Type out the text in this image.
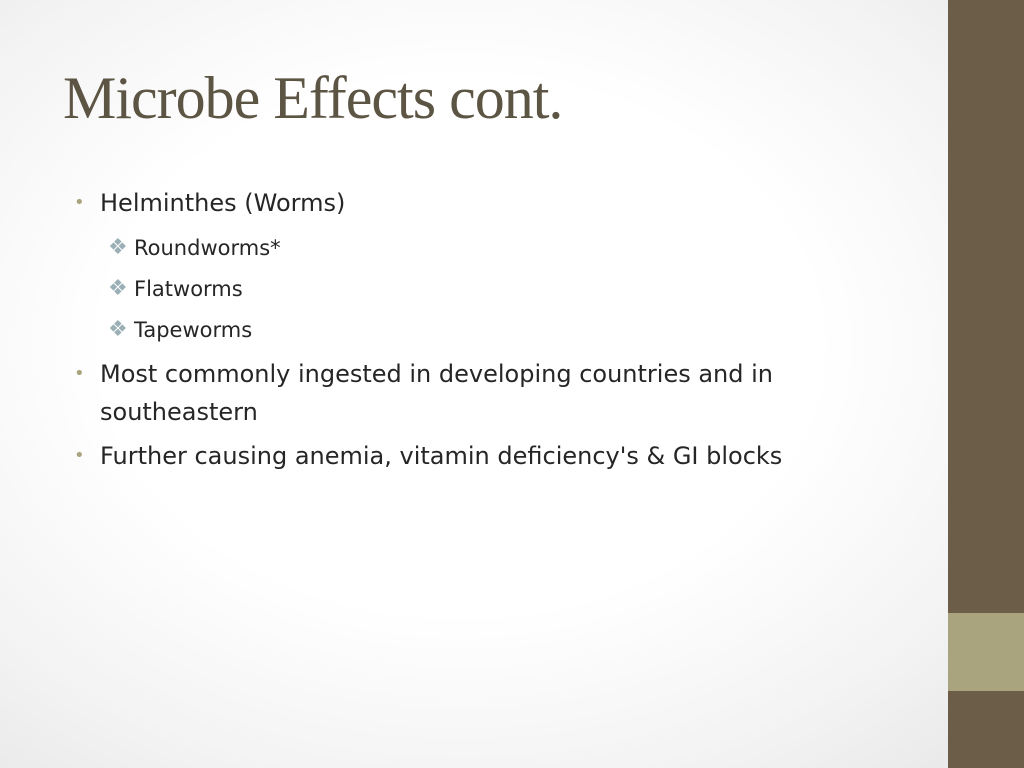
Microbe Effects cont.
• Helminthes (Worms)
❖ Roundworms*
❖ Flatworms
❖ Tapeworms
• Most commonly ingested in developing countries and in southeastern
• Further causing anemia, vitamin deficiency's & GI blocks
